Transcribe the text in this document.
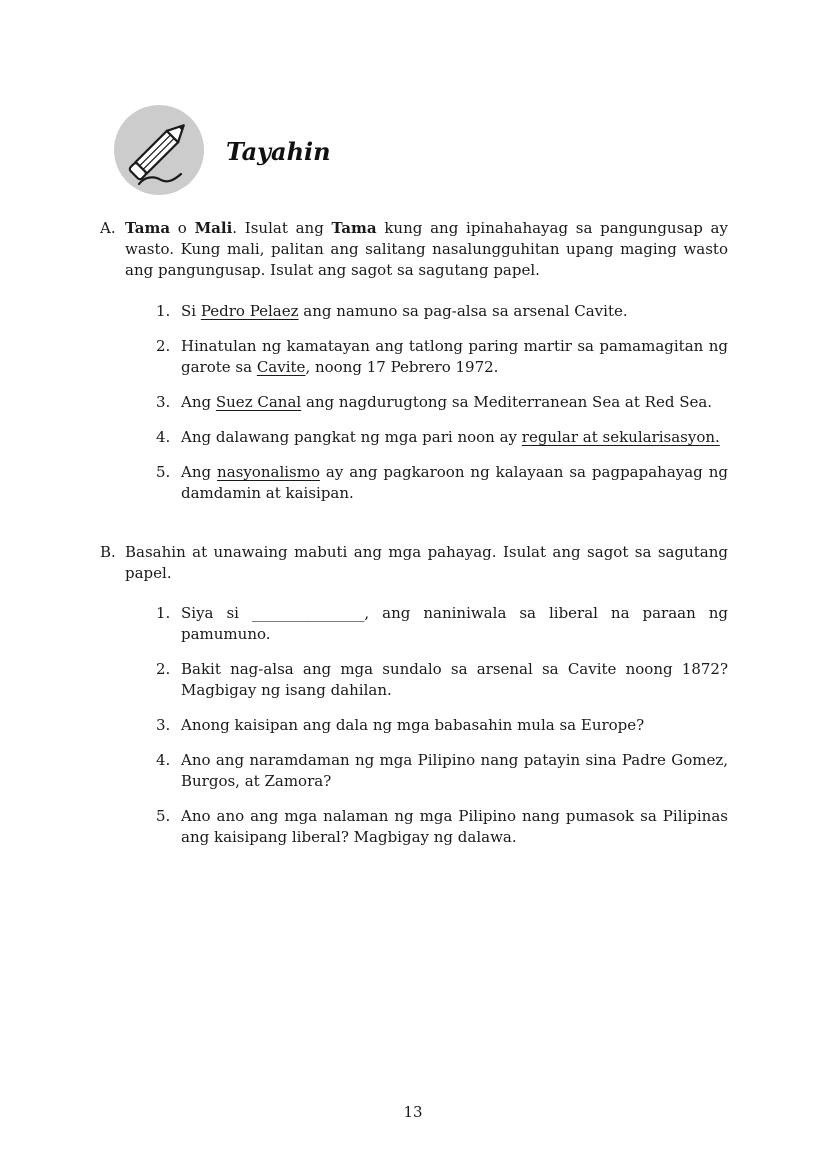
Tayahin
A. Tama o Mali. Isulat ang Tama kung ang ipinahahayag sa pangungusap ay wasto. Kung mali, palitan ang salitang nasalungguhitan upang maging wasto ang pangungusap. Isulat ang sagot sa sagutang papel.
1. Si Pedro Pelaez ang namuno sa pag-alsa sa arsenal Cavite.
2. Hinatulan ng kamatayan ang tatlong paring martir sa pamamagitan ng garote sa Cavite, noong 17 Pebrero 1972.
3. Ang Suez Canal ang nagdurugtong sa Mediterranean Sea at Red Sea.
4. Ang dalawang pangkat ng mga pari noon ay regular at sekularisasyon.
5. Ang nasyonalismo ay ang pagkaroon ng kalayaan sa pagpapahayag ng damdamin at kaisipan.
B. Basahin at unawaing mabuti ang mga pahayag. Isulat ang sagot sa sagutang papel.
1. Siya si _______________, ang naniniwala sa liberal na paraan ng pamumuno.
2. Bakit nag-alsa ang mga sundalo sa arsenal sa Cavite noong 1872? Magbigay ng isang dahilan.
3. Anong kaisipan ang dala ng mga babasahin mula sa Europe?
4. Ano ang naramdaman ng mga Pilipino nang patayin sina Padre Gomez, Burgos, at Zamora?
5. Ano ano ang mga nalaman ng mga Pilipino nang pumasok sa Pilipinas ang kaisipang liberal? Magbigay ng dalawa.
13
